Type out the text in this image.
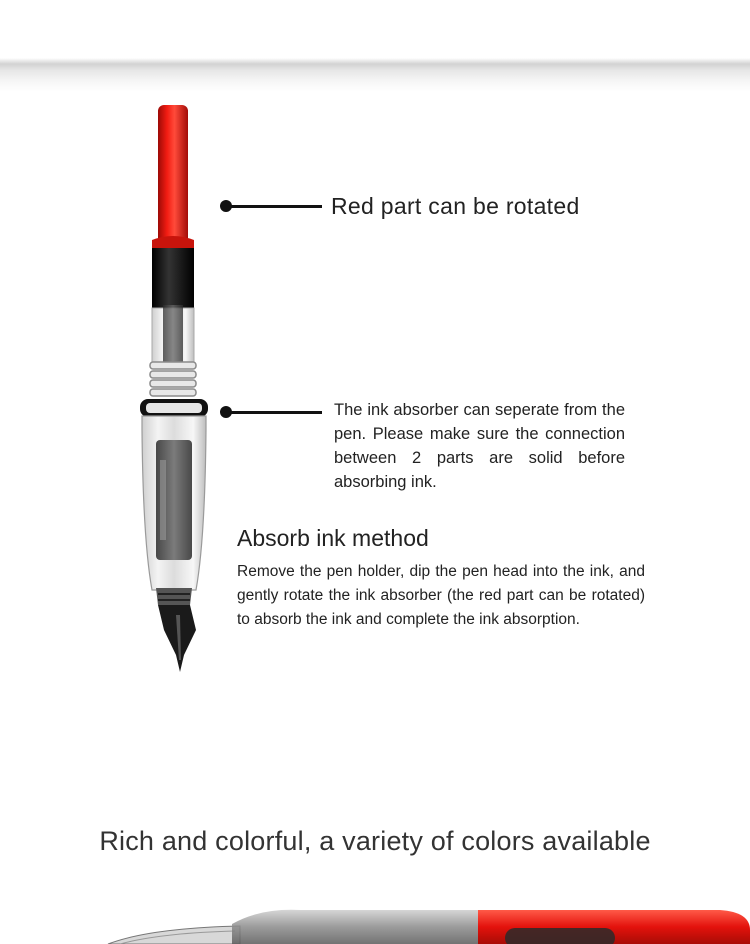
Red part can be rotated
The ink absorber can seperate from the pen. Please make sure the connection between 2 parts are solid before absorbing ink.
Absorb ink method
Remove the pen holder, dip the pen head into the ink, and gently rotate the ink absorber (the red part can be rotated) to absorb the ink and complete the ink absorption.
Rich and colorful, a variety of colors available
